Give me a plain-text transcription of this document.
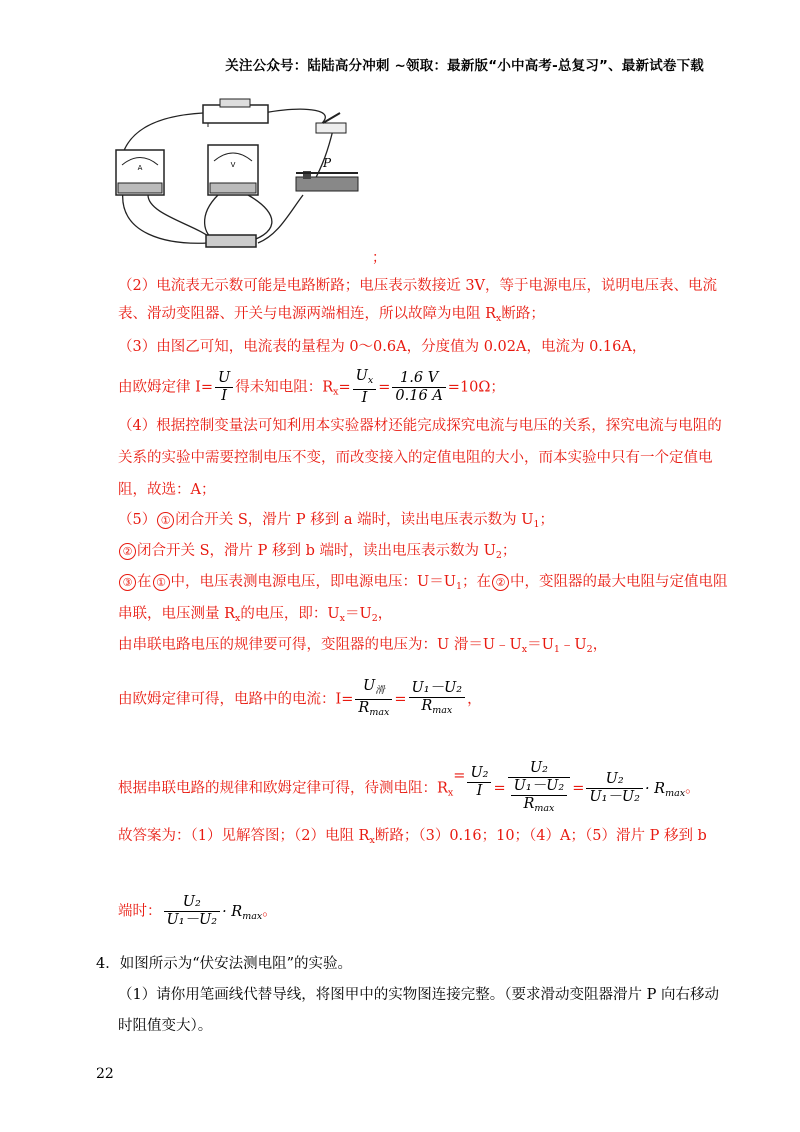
关注公众号：陆陆高分冲刺 ~领取：最新版“小中高考-总复习”、最新试卷下载
A	V	P
；
（2）电流表无示数可能是电路断路；电压表示数接近 3V，等于电源电压，说明电压表、电流
表、滑动变阻器、开关与电源两端相连，所以故障为电阻 $R_x$断路；
（3）由图乙可知，电流表的量程为 0～0.6A，分度值为 0.02A，电流为 0.16A，
由欧姆定律 $I= \frac{U}{I}$ 得未知电阻：$R_x= \frac{U_x}{I} = \frac{1.6 V}{0.16 A} =10\Omega$；
（4）根据控制变量法可知利用本实验器材还能完成探究电流与电压的关系，探究电流与电阻的
关系的实验中需要控制电压不变，而改变接入的定值电阻的大小，而本实验中只有一个定值电
阻，故选：A；
（5） ① 闭合开关 S，滑片 P 移到 a 端时，读出电压表示数为 $U_1$；
② 闭合开关 S，滑片 P 移到 b 端时，读出电压表示数为 $U_2$；
③ 在 ① 中，电压表测电源电压，即电源电压：$U=U_1$；在 ② 中，变阻器的最大电阻与定值电阻
串联，电压测量 $R_x$的电压，即：$U_x=U_2$，
由串联电路电压的规律要可得，变阻器的电压为：U 滑$=U﹣U_x=U_1﹣U_2$，
由欧姆定律可得，电路中的电流：$I= \frac{U_滑}{R_{max}} = \frac{\text{U₁－U₂}}{R_{max}}$ ，
根据串联电路的规律和欧姆定律可得，待测电阻：$R_x= \frac{\text{U₂}}{I} = \frac{\text{U₂}}{\frac{\text{U₁－U₂}}{R_{max}}} = \frac{\text{U₂}}{\text{U₁－U₂}} \cdot R_{max}$。
故答案为：（1）见解答图；（2）电阻 $R_x$断路；（3）0.16；10；（4）A；（5）滑片 P 移到 b
端时： $\frac{\text{U₂}}{\text{U₁－U₂}} \cdot R_{max}$。
4．如图所示为“伏安法测电阻”的实验。
（1）请你用笔画线代替导线，将图甲中的实物图连接完整。（要求滑动变阻器滑片 P 向右移动
时阻值变大）。
22
